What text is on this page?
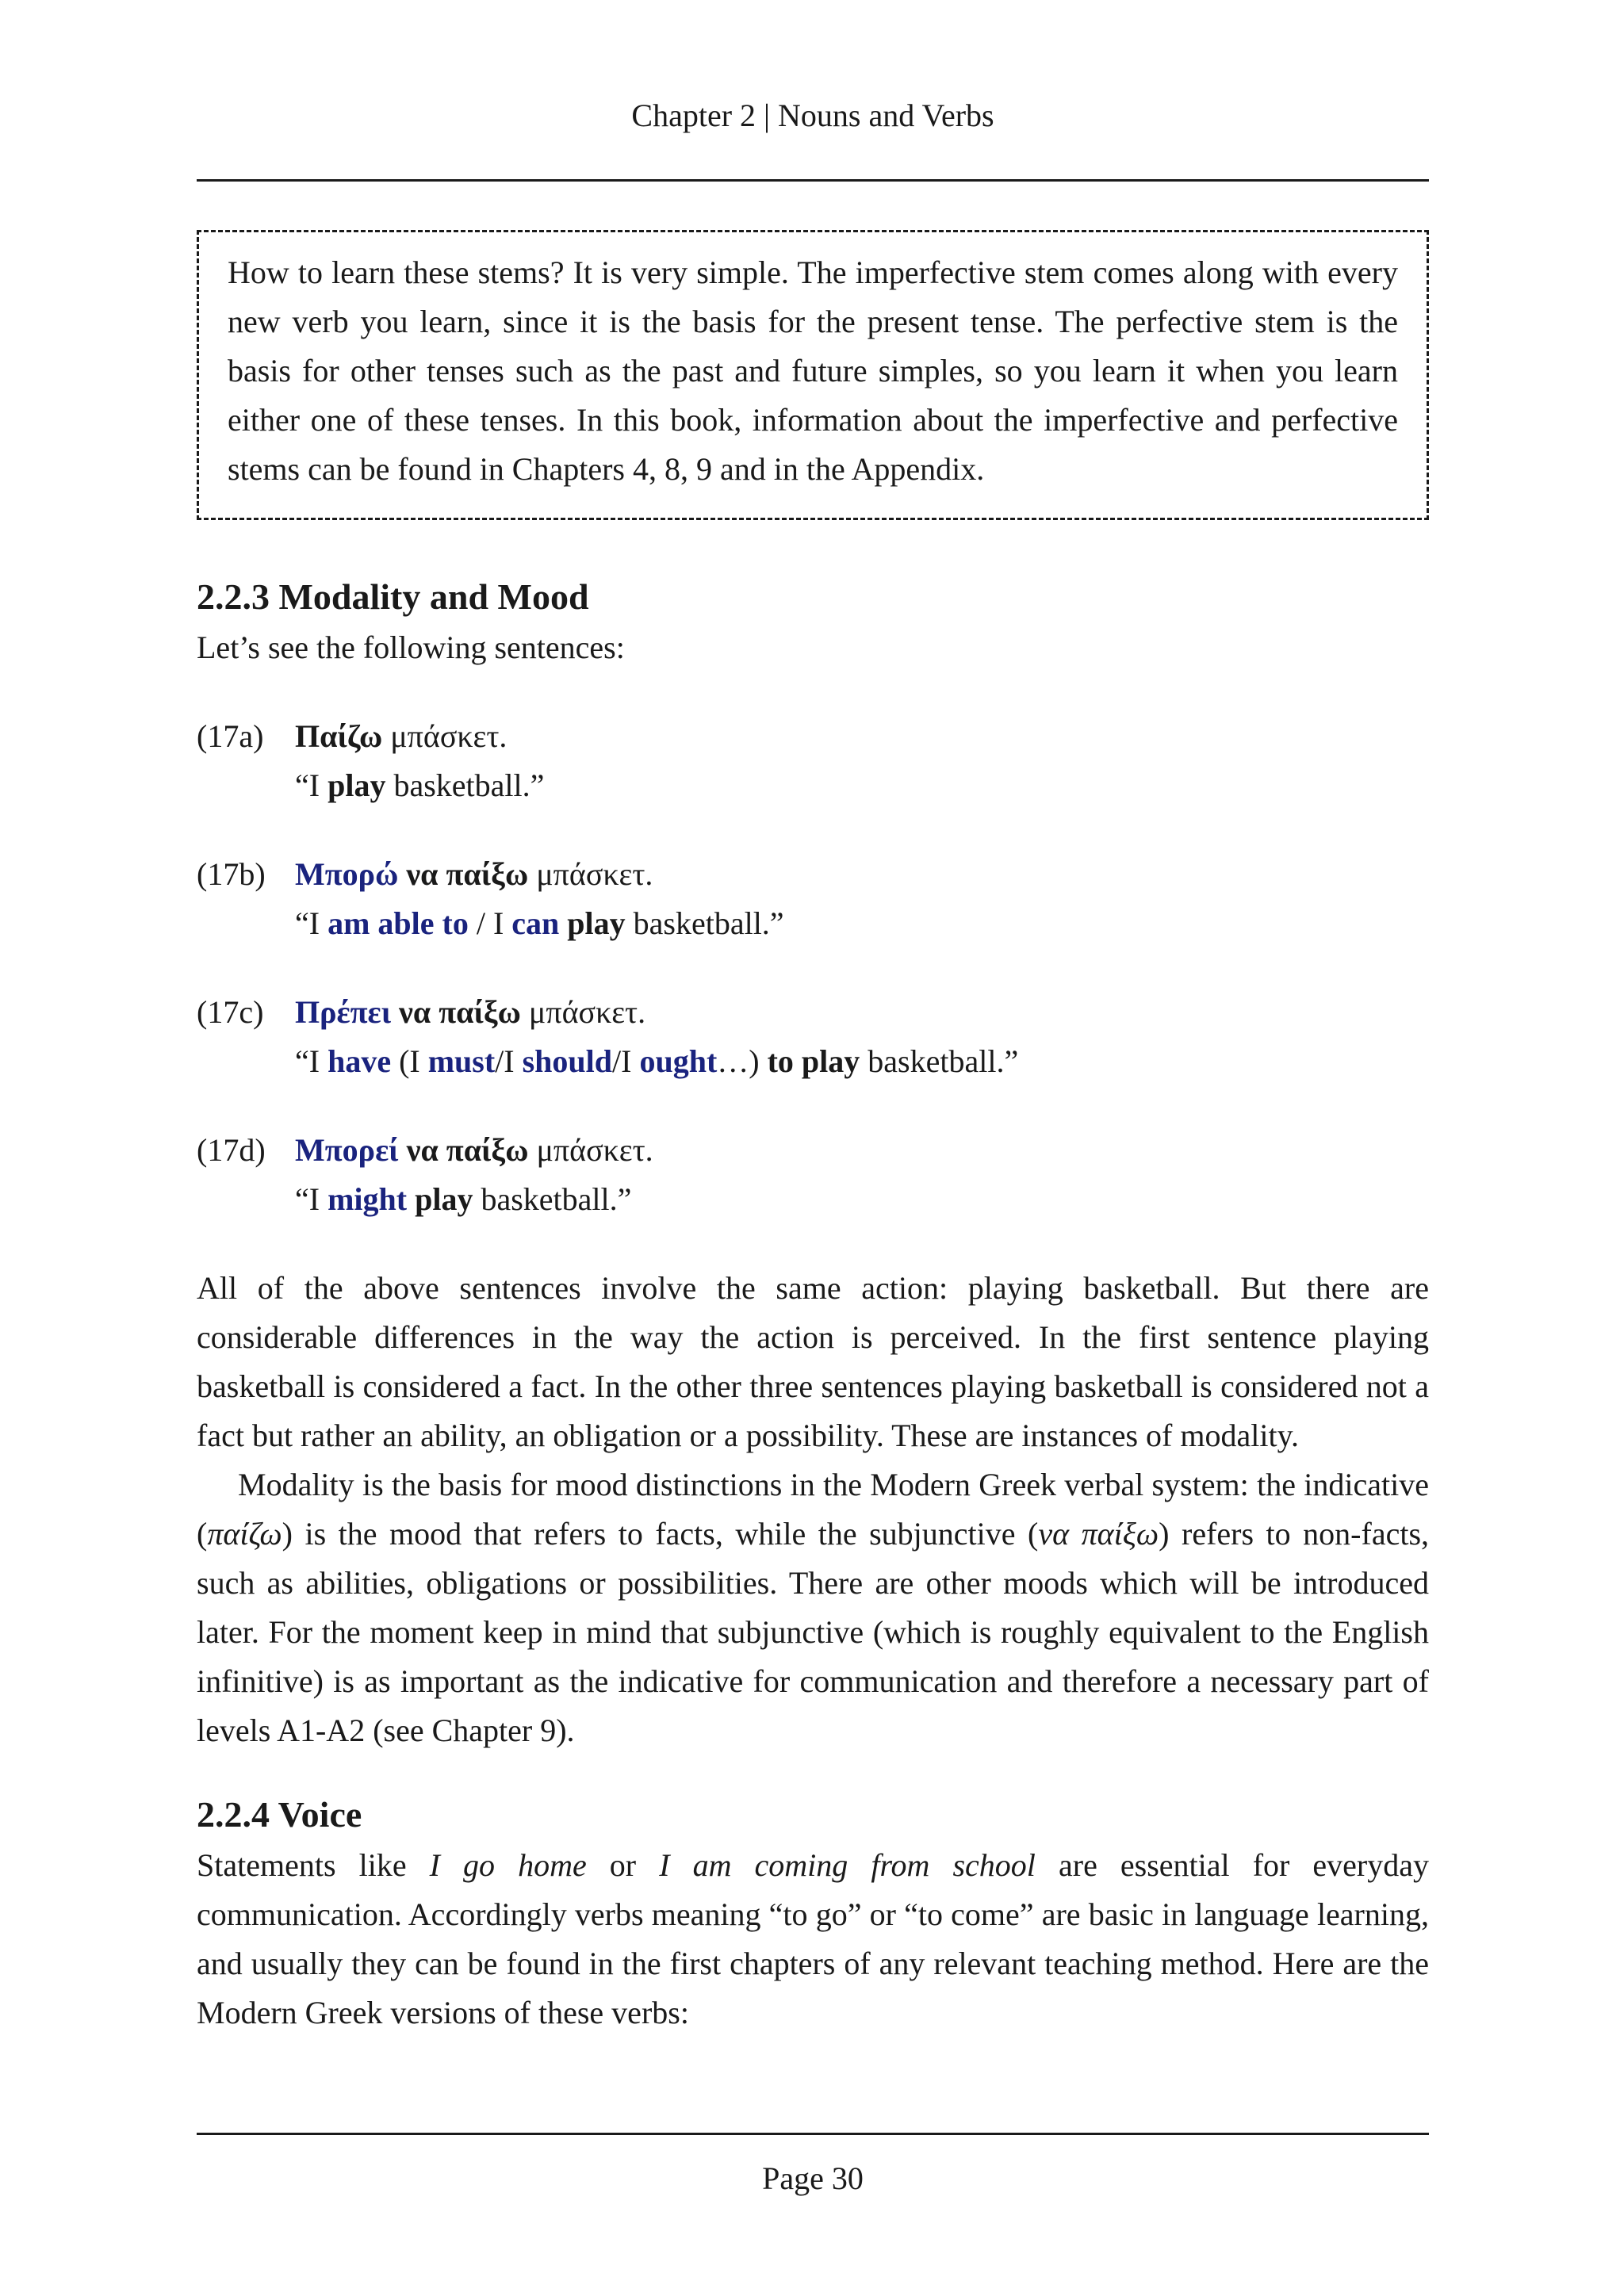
Chapter 2 | Nouns and Verbs

How to learn these stems? It is very simple. The imperfective stem comes along with every new verb you learn, since it is the basis for the present tense. The perfective stem is the basis for other tenses such as the past and future simples, so you learn it when you learn either one of these tenses. In this book, information about the imperfective and perfective stems can be found in Chapters 4, 8, 9 and in the Appendix.

2.2.3 Modality and Mood

Let’s see the following sentences:

(17a) Παίζω μπάσκετ.
“I play basketball.”
(17b) Μπορώ να παίξω μπάσκετ.
“I am able to / I can play basketball.”
(17c) Πρέπει να παίξω μπάσκετ.
“I have (I must/I should/I ought…) to play basketball.”
(17d) Μπορεί να παίξω μπάσκετ.
“I might play basketball.”

All of the above sentences involve the same action: playing basketball. But there are considerable differences in the way the action is perceived. In the first sentence playing basketball is considered a fact. In the other three sentences playing basketball is considered not a fact but rather an ability, an obligation or a possibility. These are instances of modality.

Modality is the basis for mood distinctions in the Modern Greek verbal system: the indicative (παίζω) is the mood that refers to facts, while the subjunctive (να παίξω) refers to non-facts, such as abilities, obligations or possibilities. There are other moods which will be introduced later. For the moment keep in mind that subjunctive (which is roughly equivalent to the English infinitive) is as important as the indicative for communication and therefore a necessary part of levels A1-A2 (see Chapter 9).

2.2.4 Voice

Statements like I go home or I am coming from school are essential for everyday communication. Accordingly verbs meaning “to go” or “to come” are basic in language learning, and usually they can be found in the first chapters of any relevant teaching method. Here are the Modern Greek versions of these verbs:

Page 30
